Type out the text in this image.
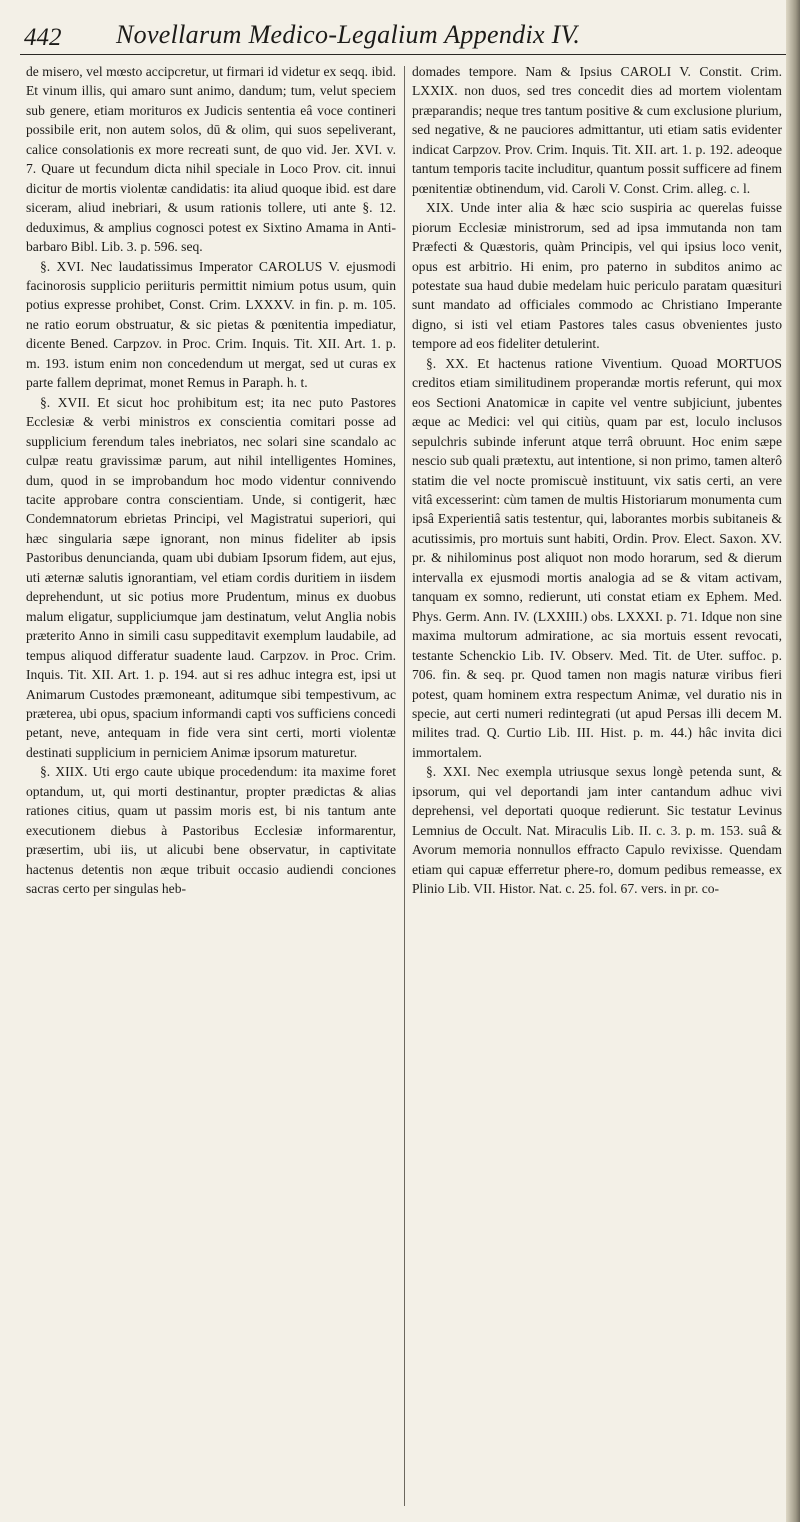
442 Novellarum Medico-Legalium Appendix IV.

de misero, vel mœsto accipcretur, ut firmari id videtur ex seqq. ibid. Et vinum illis, qui amaro sunt animo, dandum; tum, velut speciem sub genere, etiam morituros ex Judicis sententia eâ voce contineri possibile erit, non autem solos, dū & olim, qui suos sepeliverant, calice consolationis ex more recreati sunt, de quo vid. Jer. XVI. v. 7. Quare ut fecundum dicta nihil speciale in Loco Prov. cit. innui dicitur de mortis violentæ candidatis: ita aliud quoque ibid. est dare siceram, aliud inebriari, & usum rationis tollere, uti ante §. 12. deduximus, & amplius cognosci potest ex Sixtino Amama in Anti-barbaro Bibl. Lib. 3. p. 596. seq.

§. XVI. Nec laudatissimus Imperator CAROLUS V. ejusmodi facinorosis supplicio periituris permittit nimium potus usum, quin potius expresse prohibet, Const. Crim. LXXXV. in fin. p. m. 105. ne ratio eorum obstruatur, & sic pietas & pœnitentia impediatur, dicente Bened. Carpzov. in Proc. Crim. Inquis. Tit. XII. Art. 1. p. m. 193. istum enim non concedendum ut mergat, sed ut curas ex parte fallem deprimat, monet Remus in Paraph. h. t.

§. XVII. Et sicut hoc prohibitum est; ita nec puto Pastores Ecclesiæ & verbi ministros ex conscientia comitari posse ad supplicium ferendum tales inebriatos, nec solari sine scandalo ac culpæ reatu gravissimæ parum, aut nihil intelligentes Homines, dum, quod in se improbandum hoc modo videntur connivendo tacite approbare contra conscientiam. Unde, si contigerit, hæc Condemnatorum ebrietas Principi, vel Magistratui superiori, qui hæc singularia sæpe ignorant, non minus fideliter ab ipsis Pastoribus denuncianda, quam ubi dubiam Ipsorum fidem, aut ejus, uti æternæ salutis ignorantiam, vel etiam cordis duritiem in iisdem deprehendunt, ut sic potius more Prudentum, minus ex duobus malum eligatur, suppliciumque jam destinatum, velut Anglia nobis præterito Anno in simili casu suppeditavit exemplum laudabile, ad tempus aliquod differatur suadente laud. Carpzov. in Proc. Crim. Inquis. Tit. XII. Art. 1. p. 194. aut si res adhuc integra est, ipsi ut Animarum Custodes præmoneant, aditumque sibi tempestivum, ac præterea, ubi opus, spacium informandi capti vos sufficiens concedi petant, neve, antequam in fide vera sint certi, morti violentæ destinati supplicium in perniciem Animæ ipsorum maturetur.

§. XIIX. Uti ergo caute ubique procedendum: ita maxime foret optandum, ut, qui morti destinantur, propter prædictas & alias rationes citius, quam ut passim moris est, bi nis tantum ante executionem diebus à Pastoribus Ecclesiæ informarentur, præsertim, ubi iis, ut alicubi bene observatur, in captivitate hactenus detentis non æque tribuit occasio audiendi conciones sacras certo per singulas heb-

domades tempore. Nam & Ipsius CAROLI V. Constit. Crim. LXXIX. non duos, sed tres concedit dies ad mortem violentam præparandis; neque tres tantum positive & cum exclusione plurium, sed negative, & ne pauciores admittantur, uti etiam satis evidenter indicat Carpzov. Prov. Crim. Inquis. Tit. XII. art. 1. p. 192. adeoque tantum temporis tacite includitur, quantum possit sufficere ad finem pœnitentiæ obtinendum, vid. Caroli V. Const. Crim. alleg. c. l.

XIX. Unde inter alia & hæc scio suspiria ac querelas fuisse piorum Ecclesiæ ministrorum, sed ad ipsa immutanda non tam Præfecti & Quæstoris, quàm Principis, vel qui ipsius loco venit, opus est arbitrio. Hi enim, pro paterno in subditos animo ac potestate sua haud dubie medelam huic periculo paratam quæsituri sunt mandato ad officiales commodo ac Christiano Imperante digno, si isti vel etiam Pastores tales casus obvenientes justo tempore ad eos fideliter detulerint.

§. XX. Et hactenus ratione Viventium. Quoad MORTUOS creditos etiam similitudinem properandæ mortis referunt, qui mox eos Sectioni Anatomicæ in capite vel ventre subjiciunt, jubentes æque ac Medici: vel qui citiùs, quam par est, loculo inclusos sepulchris subinde inferunt atque terrâ obruunt. Hoc enim sæpe nescio sub quali prætextu, aut intentione, si non primo, tamen alterô statim die vel nocte promiscuè instituunt, vix satis certi, an vere vitâ excesserint: cùm tamen de multis Historiarum monumenta cum ipsâ Experientiâ satis testentur, qui, laborantes morbis subitaneis & acutissimis, pro mortuis sunt habiti, Ordin. Prov. Elect. Saxon. XV. pr. & nihilominus post aliquot non modo horarum, sed & dierum intervalla ex ejusmodi mortis analogia ad se & vitam activam, tanquam ex somno, redierunt, uti constat etiam ex Ephem. Med. Phys. Germ. Ann. IV. (LXXIII.) obs. LXXXI. p. 71. Idque non sine maxima multorum admiratione, ac sia mortuis essent revocati, testante Schenckio Lib. IV. Observ. Med. Tit. de Uter. suffoc. p. 706. fin. & seq. pr. Quod tamen non magis naturæ viribus fieri potest, quam hominem extra respectum Animæ, vel duratio nis in specie, aut certi numeri redintegrati (ut apud Persas illi decem M. milites trad. Q. Curtio Lib. III. Hist. p. m. 44.) hâc invita dici immortalem.

§. XXI. Nec exempla utriusque sexus longè petenda sunt, & ipsorum, qui vel deportandi jam inter cantandum adhuc vivi deprehensi, vel deportati quoque redierunt. Sic testatur Levinus Lemnius de Occult. Nat. Miraculis Lib. II. c. 3. p. m. 153. suâ & Avorum memoria nonnullos effracto Capulo revixisse. Quendam etiam qui capuæ efferretur phere-ro, domum pedibus remeasse, ex Plinio Lib. VII. Histor. Nat. c. 25. fol. 67. vers. in pr. co-
